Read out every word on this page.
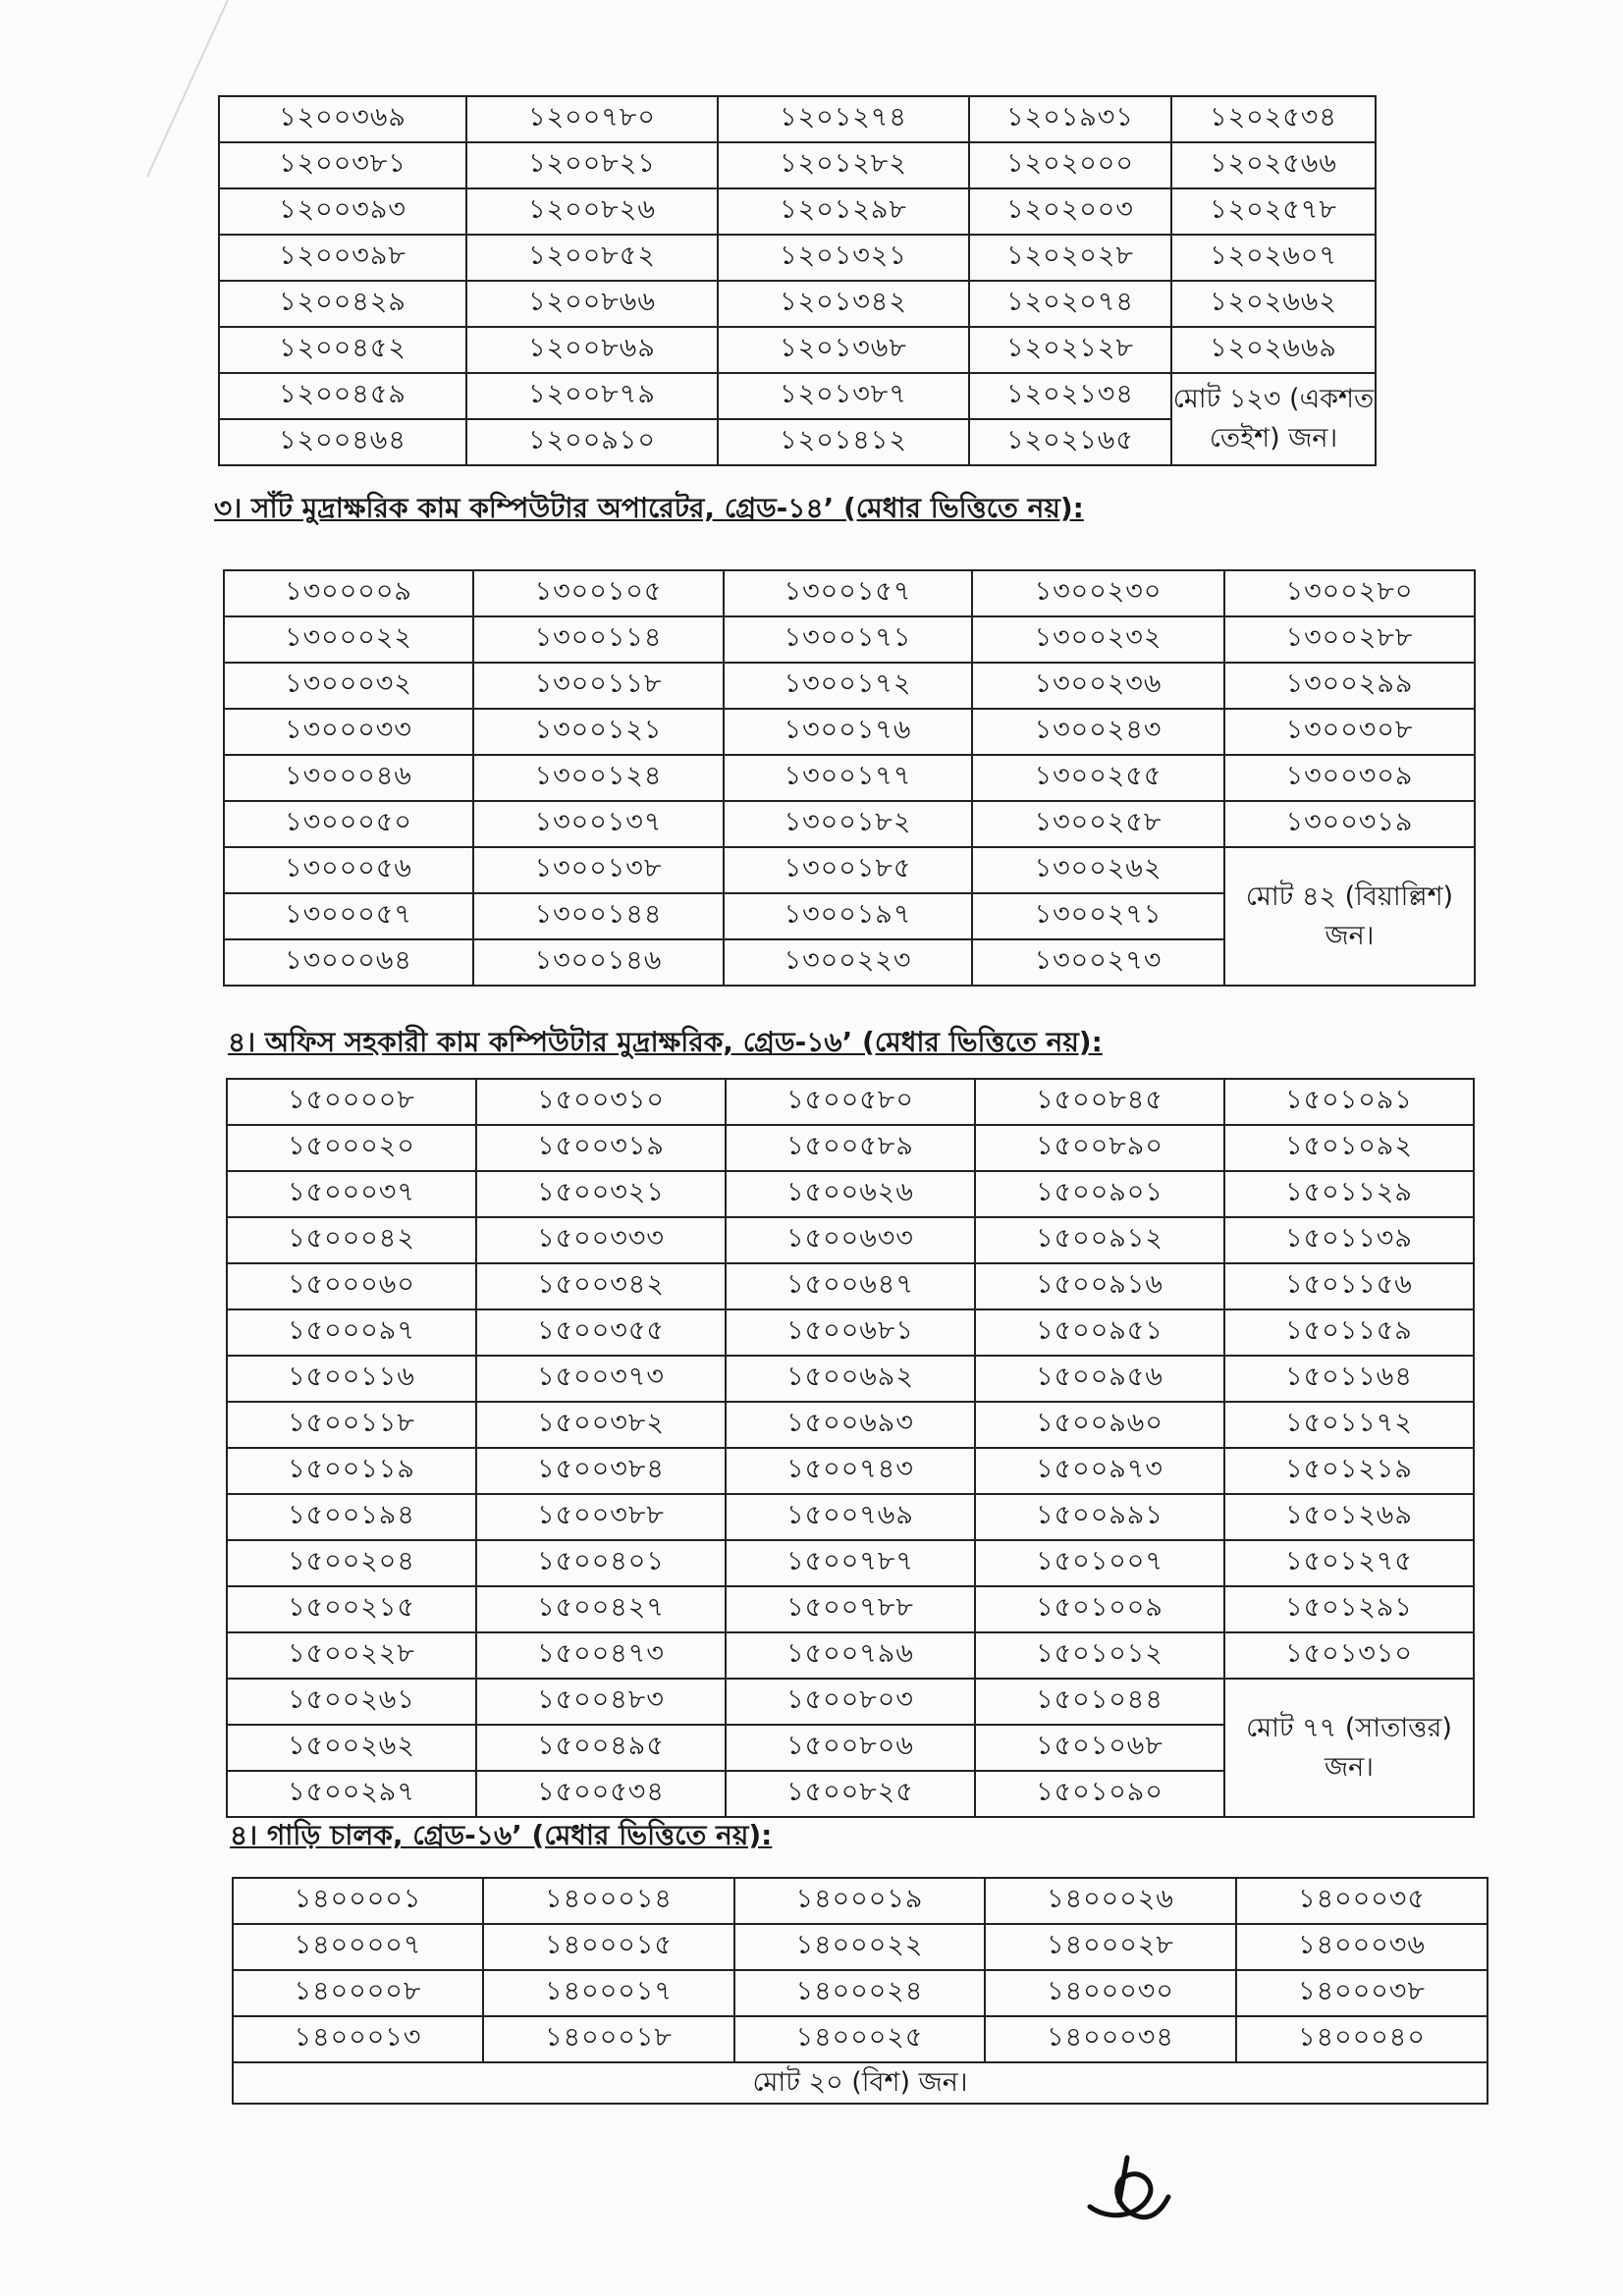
১২০০৩৬৯	১২০০৭৮০	১২০১২৭৪	১২০১৯৩১	১২০২৫৩৪
১২০০৩৮১	১২০০৮২১	১২০১২৮২	১২০২০০০	১২০২৫৬৬
১২০০৩৯৩	১২০০৮২৬	১২০১২৯৮	১২০২০০৩	১২০২৫৭৮
১২০০৩৯৮	১২০০৮৫২	১২০১৩২১	১২০২০২৮	১২০২৬০৭
১২০০৪২৯	১২০০৮৬৬	১২০১৩৪২	১২০২০৭৪	১২০২৬৬২
১২০০৪৫২	১২০০৮৬৯	১২০১৩৬৮	১২০২১২৮	১২০২৬৬৯
১২০০৪৫৯	১২০০৮৭৯	১২০১৩৮৭	১২০২১৩৪	মোট ১২৩ (একশত তেইশ) জন।
১২০০৪৬৪	১২০০৯১০	১২০১৪১২	১২০২১৬৫	
৩। সাঁট মুদ্রাক্ষরিক কাম কম্পিউটার অপারেটর, গ্রেড-১৪’ (মেধার ভিত্তিতে নয়):
১৩০০০০৯	১৩০০১০৫	১৩০০১৫৭	১৩০০২৩০	১৩০০২৮০
১৩০০০২২	১৩০০১১৪	১৩০০১৭১	১৩০০২৩২	১৩০০২৮৮
১৩০০০৩২	১৩০০১১৮	১৩০০১৭২	১৩০০২৩৬	১৩০০২৯৯
১৩০০০৩৩	১৩০০১২১	১৩০০১৭৬	১৩০০২৪৩	১৩০০৩০৮
১৩০০০৪৬	১৩০০১২৪	১৩০০১৭৭	১৩০০২৫৫	১৩০০৩০৯
১৩০০০৫০	১৩০০১৩৭	১৩০০১৮২	১৩০০২৫৮	১৩০০৩১৯
১৩০০০৫৬	১৩০০১৩৮	১৩০০১৮৫	১৩০০২৬২	মোট ৪২ (বিয়াল্লিশ) জন।
১৩০০০৫৭	১৩০০১৪৪	১৩০০১৯৭	১৩০০২৭১	
১৩০০০৬৪	১৩০০১৪৬	১৩০০২২৩	১৩০০২৭৩	
৪। অফিস সহকারী কাম কম্পিউটার মুদ্রাক্ষরিক, গ্রেড-১৬’ (মেধার ভিত্তিতে নয়):
১৫০০০০৮	১৫০০৩১০	১৫০০৫৮০	১৫০০৮৪৫	১৫০১০৯১
১৫০০০২০	১৫০০৩১৯	১৫০০৫৮৯	১৫০০৮৯০	১৫০১০৯২
১৫০০০৩৭	১৫০০৩২১	১৫০০৬২৬	১৫০০৯০১	১৫০১১২৯
১৫০০০৪২	১৫০০৩৩৩	১৫০০৬৩৩	১৫০০৯১২	১৫০১১৩৯
১৫০০০৬০	১৫০০৩৪২	১৫০০৬৪৭	১৫০০৯১৬	১৫০১১৫৬
১৫০০০৯৭	১৫০০৩৫৫	১৫০০৬৮১	১৫০০৯৫১	১৫০১১৫৯
১৫০০১১৬	১৫০০৩৭৩	১৫০০৬৯২	১৫০০৯৫৬	১৫০১১৬৪
১৫০০১১৮	১৫০০৩৮২	১৫০০৬৯৩	১৫০০৯৬০	১৫০১১৭২
১৫০০১১৯	১৫০০৩৮৪	১৫০০৭৪৩	১৫০০৯৭৩	১৫০১২১৯
১৫০০১৯৪	১৫০০৩৮৮	১৫০০৭৬৯	১৫০০৯৯১	১৫০১২৬৯
১৫০০২০৪	১৫০০৪০১	১৫০০৭৮৭	১৫০১০০৭	১৫০১২৭৫
১৫০০২১৫	১৫০০৪২৭	১৫০০৭৮৮	১৫০১০০৯	১৫০১২৯১
১৫০০২২৮	১৫০০৪৭৩	১৫০০৭৯৬	১৫০১০১২	১৫০১৩১০
১৫০০২৬১	১৫০০৪৮৩	১৫০০৮০৩	১৫০১০৪৪	মোট ৭৭ (সাতাত্তর) জন।
১৫০০২৬২	১৫০০৪৯৫	১৫০০৮০৬	১৫০১০৬৮	
১৫০০২৯৭	১৫০০৫৩৪	১৫০০৮২৫	১৫০১০৯০	
৪। গাড়ি চালক, গ্রেড-১৬’ (মেধার ভিত্তিতে নয়):
১৪০০০০১	১৪০০০১৪	১৪০০০১৯	১৪০০০২৬	১৪০০০৩৫
১৪০০০০৭	১৪০০০১৫	১৪০০০২২	১৪০০০২৮	১৪০০০৩৬
১৪০০০০৮	১৪০০০১৭	১৪০০০২৪	১৪০০০৩০	১৪০০০৩৮
১৪০০০১৩	১৪০০০১৮	১৪০০০২৫	১৪০০০৩৪	১৪০০০৪০
মোট ২০ (বিশ) জন।				
